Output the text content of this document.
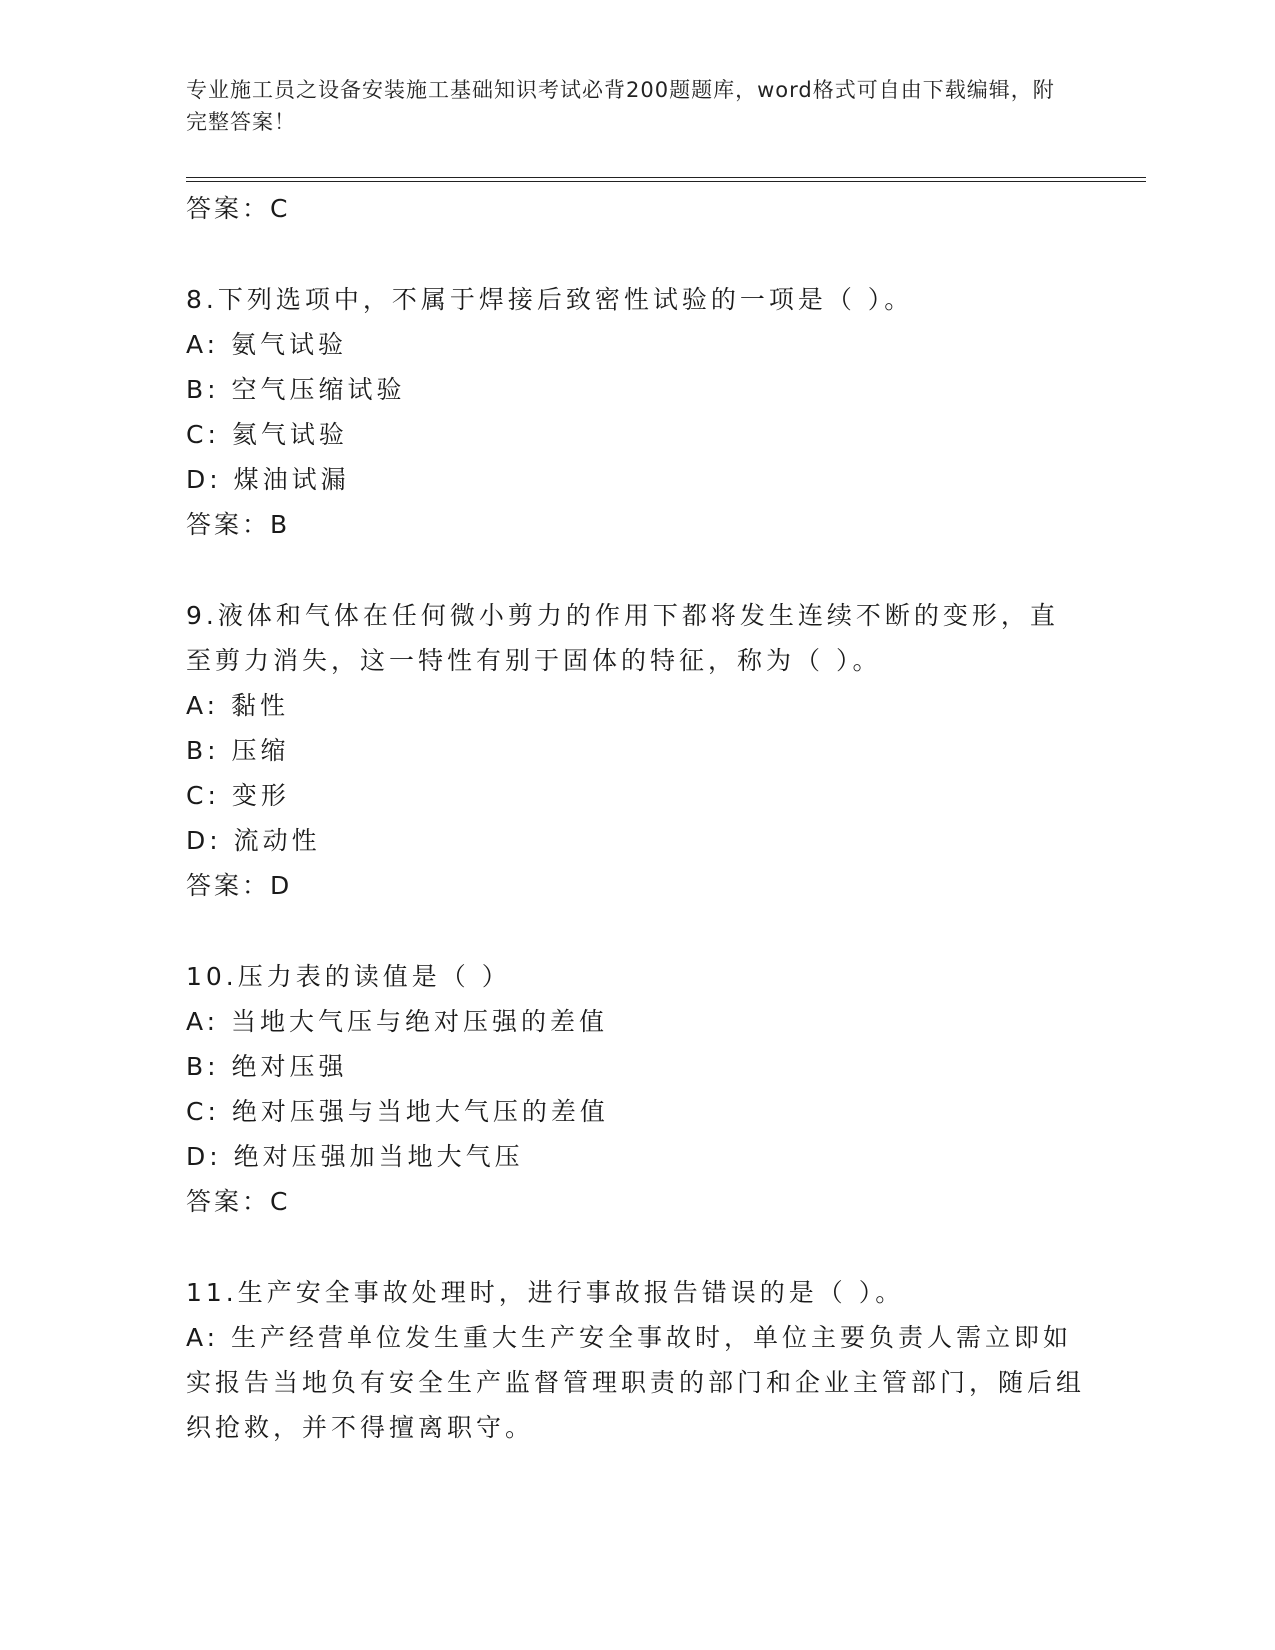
专业施工员之设备安装施工基础知识考试必背200题题库，word格式可自由下载编辑，附完整答案！

答案：C

8.下列选项中，不属于焊接后致密性试验的一项是（ ）。

A: 氨气试验

B: 空气压缩试验

C: 氦气试验

D: 煤油试漏

答案：B

9.液体和气体在任何微小剪力的作用下都将发生连续不断的变形，直至剪力消失，这一特性有别于固体的特征，称为（ ）。

A: 黏性

B: 压缩

C: 变形

D: 流动性

答案：D

10.压力表的读值是（ ）

A: 当地大气压与绝对压强的差值

B: 绝对压强

C: 绝对压强与当地大气压的差值

D: 绝对压强加当地大气压

答案：C

11.生产安全事故处理时，进行事故报告错误的是（ ）。

A: 生产经营单位发生重大生产安全事故时，单位主要负责人需立即如实报告当地负有安全生产监督管理职责的部门和企业主管部门，随后组织抢救，并不得擅离职守。
